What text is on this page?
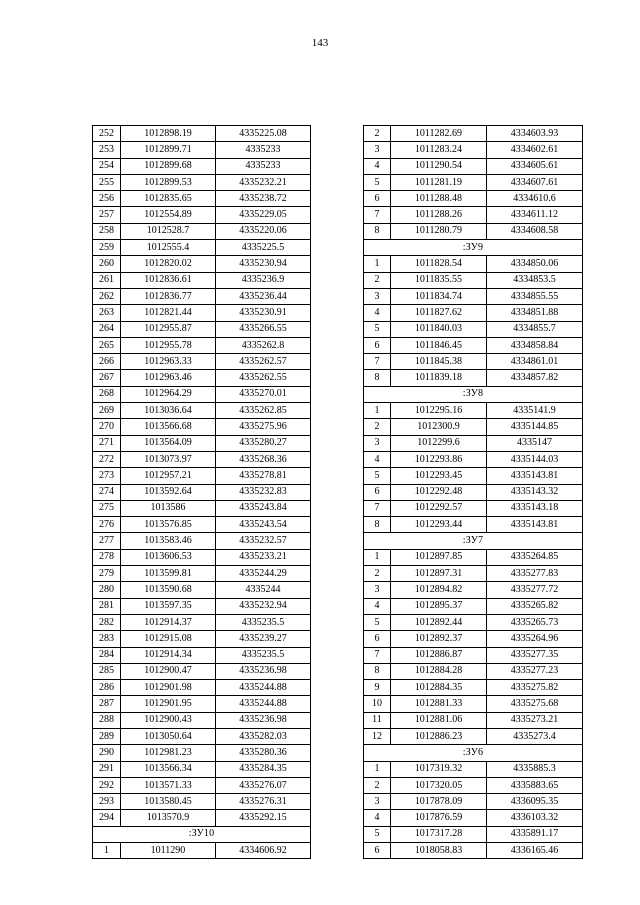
143
252	1012898.19	4335225.08
253	1012899.71	4335233
254	1012899.68	4335233
255	1012899.53	4335232.21
256	1012835.65	4335238.72
257	1012554.89	4335229.05
258	1012528.7	4335220.06
259	1012555.4	4335225.5
260	1012820.02	4335230.94
261	1012836.61	4335236.9
262	1012836.77	4335236.44
263	1012821.44	4335230.91
264	1012955.87	4335266.55
265	1012955.78	4335262.8
266	1012963.33	4335262.57
267	1012963.46	4335262.55
268	1012964.29	4335270.01
269	1013036.64	4335262.85
270	1013566.68	4335275.96
271	1013564.09	4335280.27
272	1013073.97	4335268.36
273	1012957.21	4335278.81
274	1013592.64	4335232.83
275	1013586	4335243.84
276	1013576.85	4335243.54
277	1013583.46	4335232.57
278	1013606.53	4335233.21
279	1013599.81	4335244.29
280	1013590.68	4335244
281	1013597.35	4335232.94
282	1012914.37	4335235.5
283	1012915.08	4335239.27
284	1012914.34	4335235.5
285	1012900.47	4335236.98
286	1012901.98	4335244.88
287	1012901.95	4335244.88
288	1012900.43	4335236.98
289	1013050.64	4335282.03
290	1012981.23	4335280.36
291	1013566.34	4335284.35
292	1013571.33	4335276.07
293	1013580.45	4335276.31
294	1013570.9	4335292.15
:ЗУ10		
1	1011290	4334606.92
2	1011282.69	4334603.93
3	1011283.24	4334602.61
4	1011290.54	4334605.61
5	1011281.19	4334607.61
6	1011288.48	4334610.6
7	1011288.26	4334611.12
8	1011280.79	4334608.58
:ЗУ9		
1	1011828.54	4334850.06
2	1011835.55	4334853.5
3	1011834.74	4334855.55
4	1011827.62	4334851.88
5	1011840.03	4334855.7
6	1011846.45	4334858.84
7	1011845.38	4334861.01
8	1011839.18	4334857.82
:ЗУ8		
1	1012295.16	4335141.9
2	1012300.9	4335144.85
3	1012299.6	4335147
4	1012293.86	4335144.03
5	1012293.45	4335143.81
6	1012292.48	4335143.32
7	1012292.57	4335143.18
8	1012293.44	4335143.81
:ЗУ7		
1	1012897.85	4335264.85
2	1012897.31	4335277.83
3	1012894.82	4335277.72
4	1012895.37	4335265.82
5	1012892.44	4335265.73
6	1012892.37	4335264.96
7	1012886.87	4335277.35
8	1012884.28	4335277.23
9	1012884.35	4335275.82
10	1012881.33	4335275.68
11	1012881.06	4335273.21
12	1012886.23	4335273.4
:ЗУ6		
1	1017319.32	4335885.3
2	1017320.05	4335883.65
3	1017878.09	4336095.35
4	1017876.59	4336103.32
5	1017317.28	4335891.17
6	1018058.83	4336165.46
